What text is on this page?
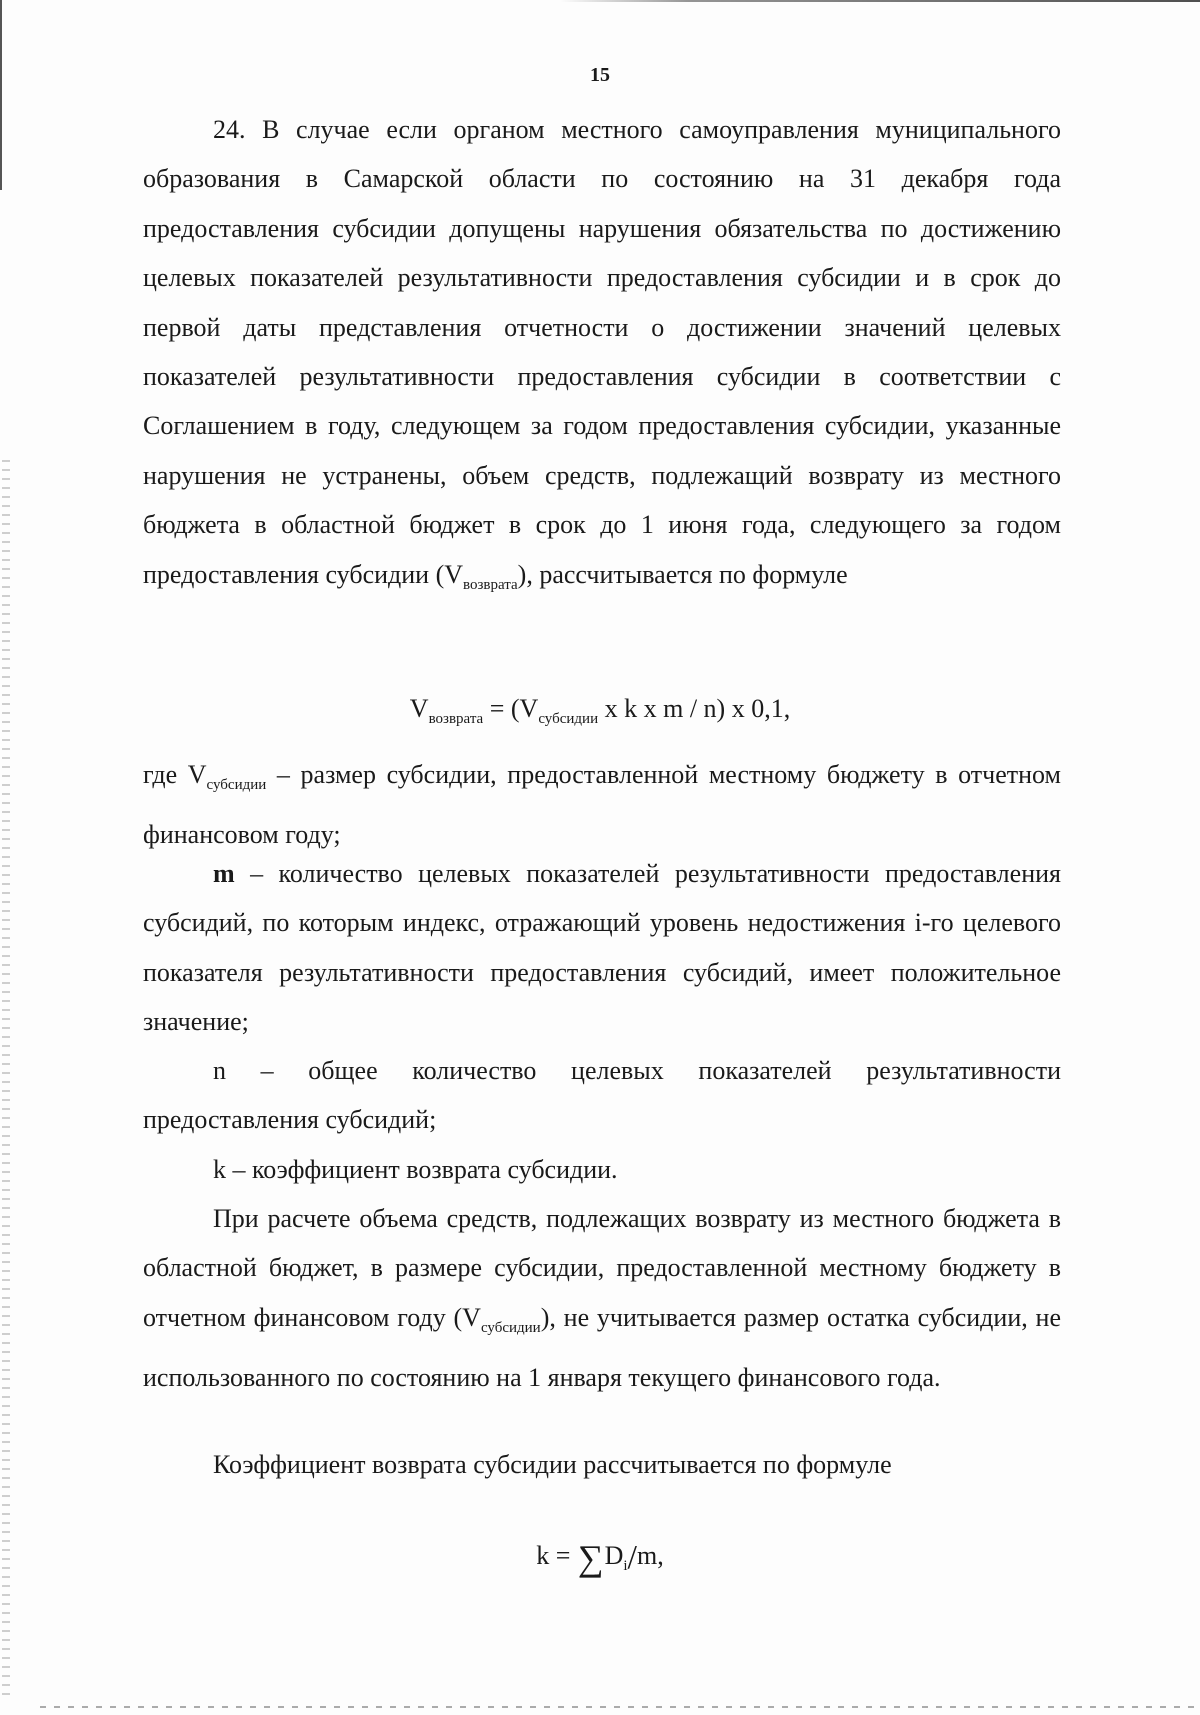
15

24. В случае если органом местного самоуправления муниципального образования в Самарской области по состоянию на 31 декабря года предоставления субсидии допущены нарушения обязательства по достижению целевых показателей результативности предоставления субсидии и в срок до первой даты представления отчетности о достижении значений целевых показателей результативности предоставления субсидии в соответствии с Соглашением в году, следующем за годом предоставления субсидии, указанные нарушения не устранены, объем средств, подлежащий возврату из местного бюджета в областной бюджет в срок до 1 июня года, следующего за годом предоставления субсидии $(V_{возврата})$, рассчитывается по формуле

$V_{возврата} = (V_{субсидии}$ x k x m / n) x 0,1,

где $V_{субсидии}$ – размер субсидии, предоставленной местному бюджету в отчетном финансовом году;

m – количество целевых показателей результативности предоставления субсидий, по которым индекс, отражающий уровень недостижения i-го целевого показателя результативности предоставления субсидий, имеет положительное значение;

n – общее количество целевых показателей результативности предоставления субсидий;

k – коэффициент возврата субсидии.

При расчете объема средств, подлежащих возврату из местного бюджета в областной бюджет, в размере субсидии, предоставленной местному бюджету в отчетном финансовом году $(V_{субсидии})$, не учитывается размер остатка субсидии, не использованного по состоянию на 1 января текущего финансового года.

Коэффициент возврата субсидии рассчитывается по формуле

$k = \sum D_i/m$,
